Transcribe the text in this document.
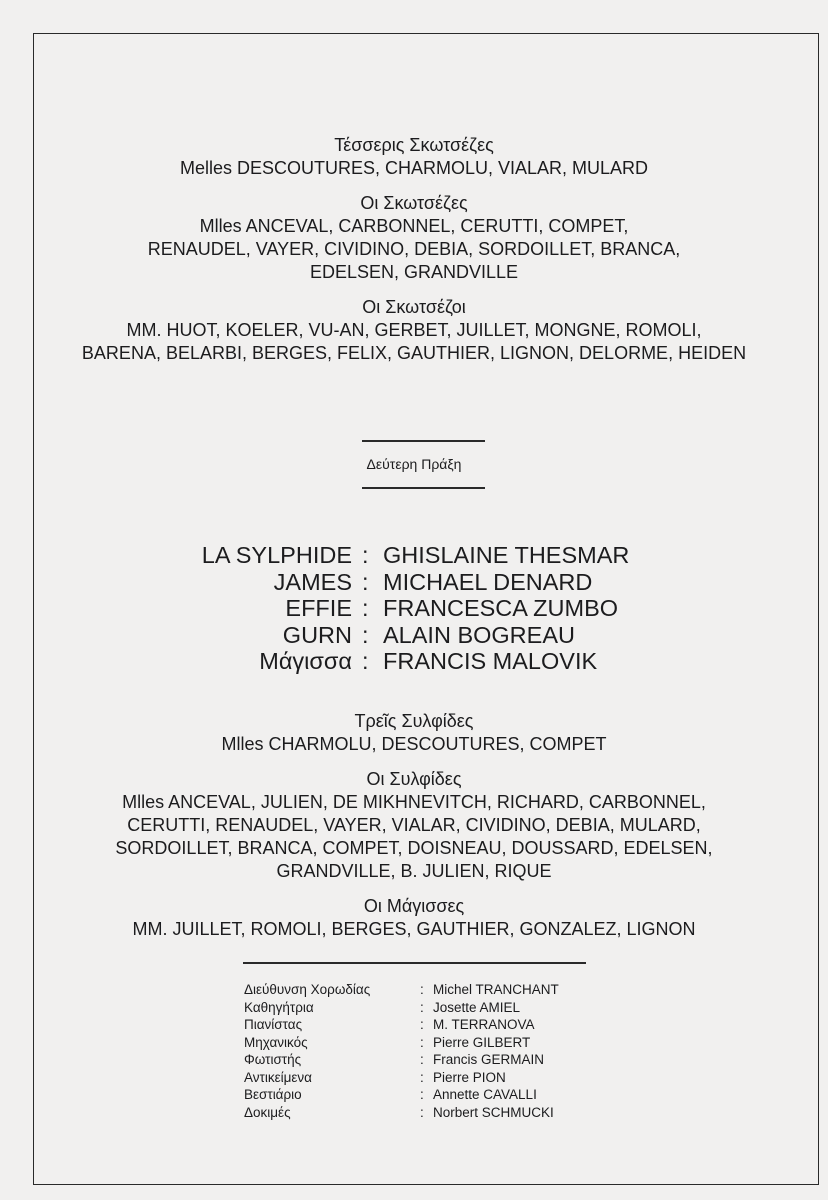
Τέσσερις Σκωτσέζες
Melles DESCOUTURES, CHARMOLU, VIALAR, MULARD
Οι Σκωτσέζες
Mlles ANCEVAL, CARBONNEL, CERUTTI, COMPET,
RENAUDEL, VAYER, CIVIDINO, DEBIA, SORDOILLET, BRANCA,
EDELSEN, GRANDVILLE
Οι Σκωτσέζοι
MM. HUOT, KOELER, VU-AN, GERBET, JUILLET, MONGNE, ROMOLI,
BARENA, BELARBI, BERGES, FELIX, GAUTHIER, LIGNON, DELORME, HEIDEN
Δεύτερη Πράξη
LA SYLPHIDE : GHISLAINE THESMAR
JAMES : MICHAEL DENARD
EFFIE : FRANCESCA ZUMBO
GURN : ALAIN BOGREAU
Μάγισσα : FRANCIS MALOVIK
Τρεῖς Συλφίδες
Mlles CHARMOLU, DESCOUTURES, COMPET
Οι Συλφίδες
Mlles ANCEVAL, JULIEN, DE MIKHNEVITCH, RICHARD, CARBONNEL,
CERUTTI, RENAUDEL, VAYER, VIALAR, CIVIDINO, DEBIA, MULARD,
SORDOILLET, BRANCA, COMPET, DOISNEAU, DOUSSARD, EDELSEN,
GRANDVILLE, B. JULIEN, RIQUE
Οι Μάγισσες
MM. JUILLET, ROMOLI, BERGES, GAUTHIER, GONZALEZ, LIGNON
Διεύθυνση Χορωδίας	: Michel TRANCHANT
Καθηγήτρια	: Josette AMIEL
Πιανίστας	: M. TERRANOVA
Μηχανικός	: Pierre GILBERT
Φωτιστής	: Francis GERMAIN
Αντικείμενα	: Pierre PION
Βεστιάριο	: Annette CAVALLI
Δοκιμές	: Norbert SCHMUCKI
